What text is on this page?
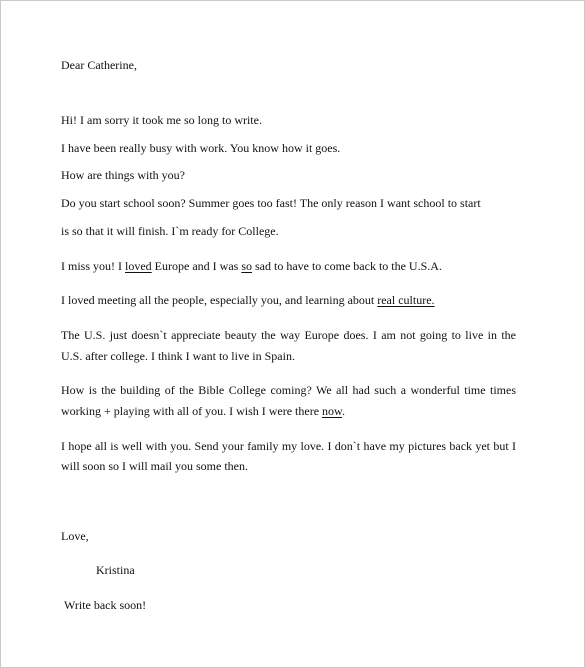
Dear Catherine,
Hi! I am sorry it took me so long to write.
I have been really busy with work. You know how it goes.
How are things with you?
Do you start school soon? Summer goes too fast! The only reason I want school to start
is so that it will finish. I`m ready for College.
I miss you! I loved Europe and I was so sad to have to come back to the U.S.A.
I loved meeting all the people, especially you, and learning about real culture.
The U.S. just doesn`t appreciate beauty the way Europe does. I am not going to live in the
U.S. after college. I think I want to live in Spain.
How is the building of the Bible College coming? We all had such a wonderful time times
working + playing with all of you. I wish I were there now.
I hope all is well with you. Send your family my love. I don`t have my pictures back yet but I
will soon so I will mail you some then.
Love,
Kristina
Write back soon!
